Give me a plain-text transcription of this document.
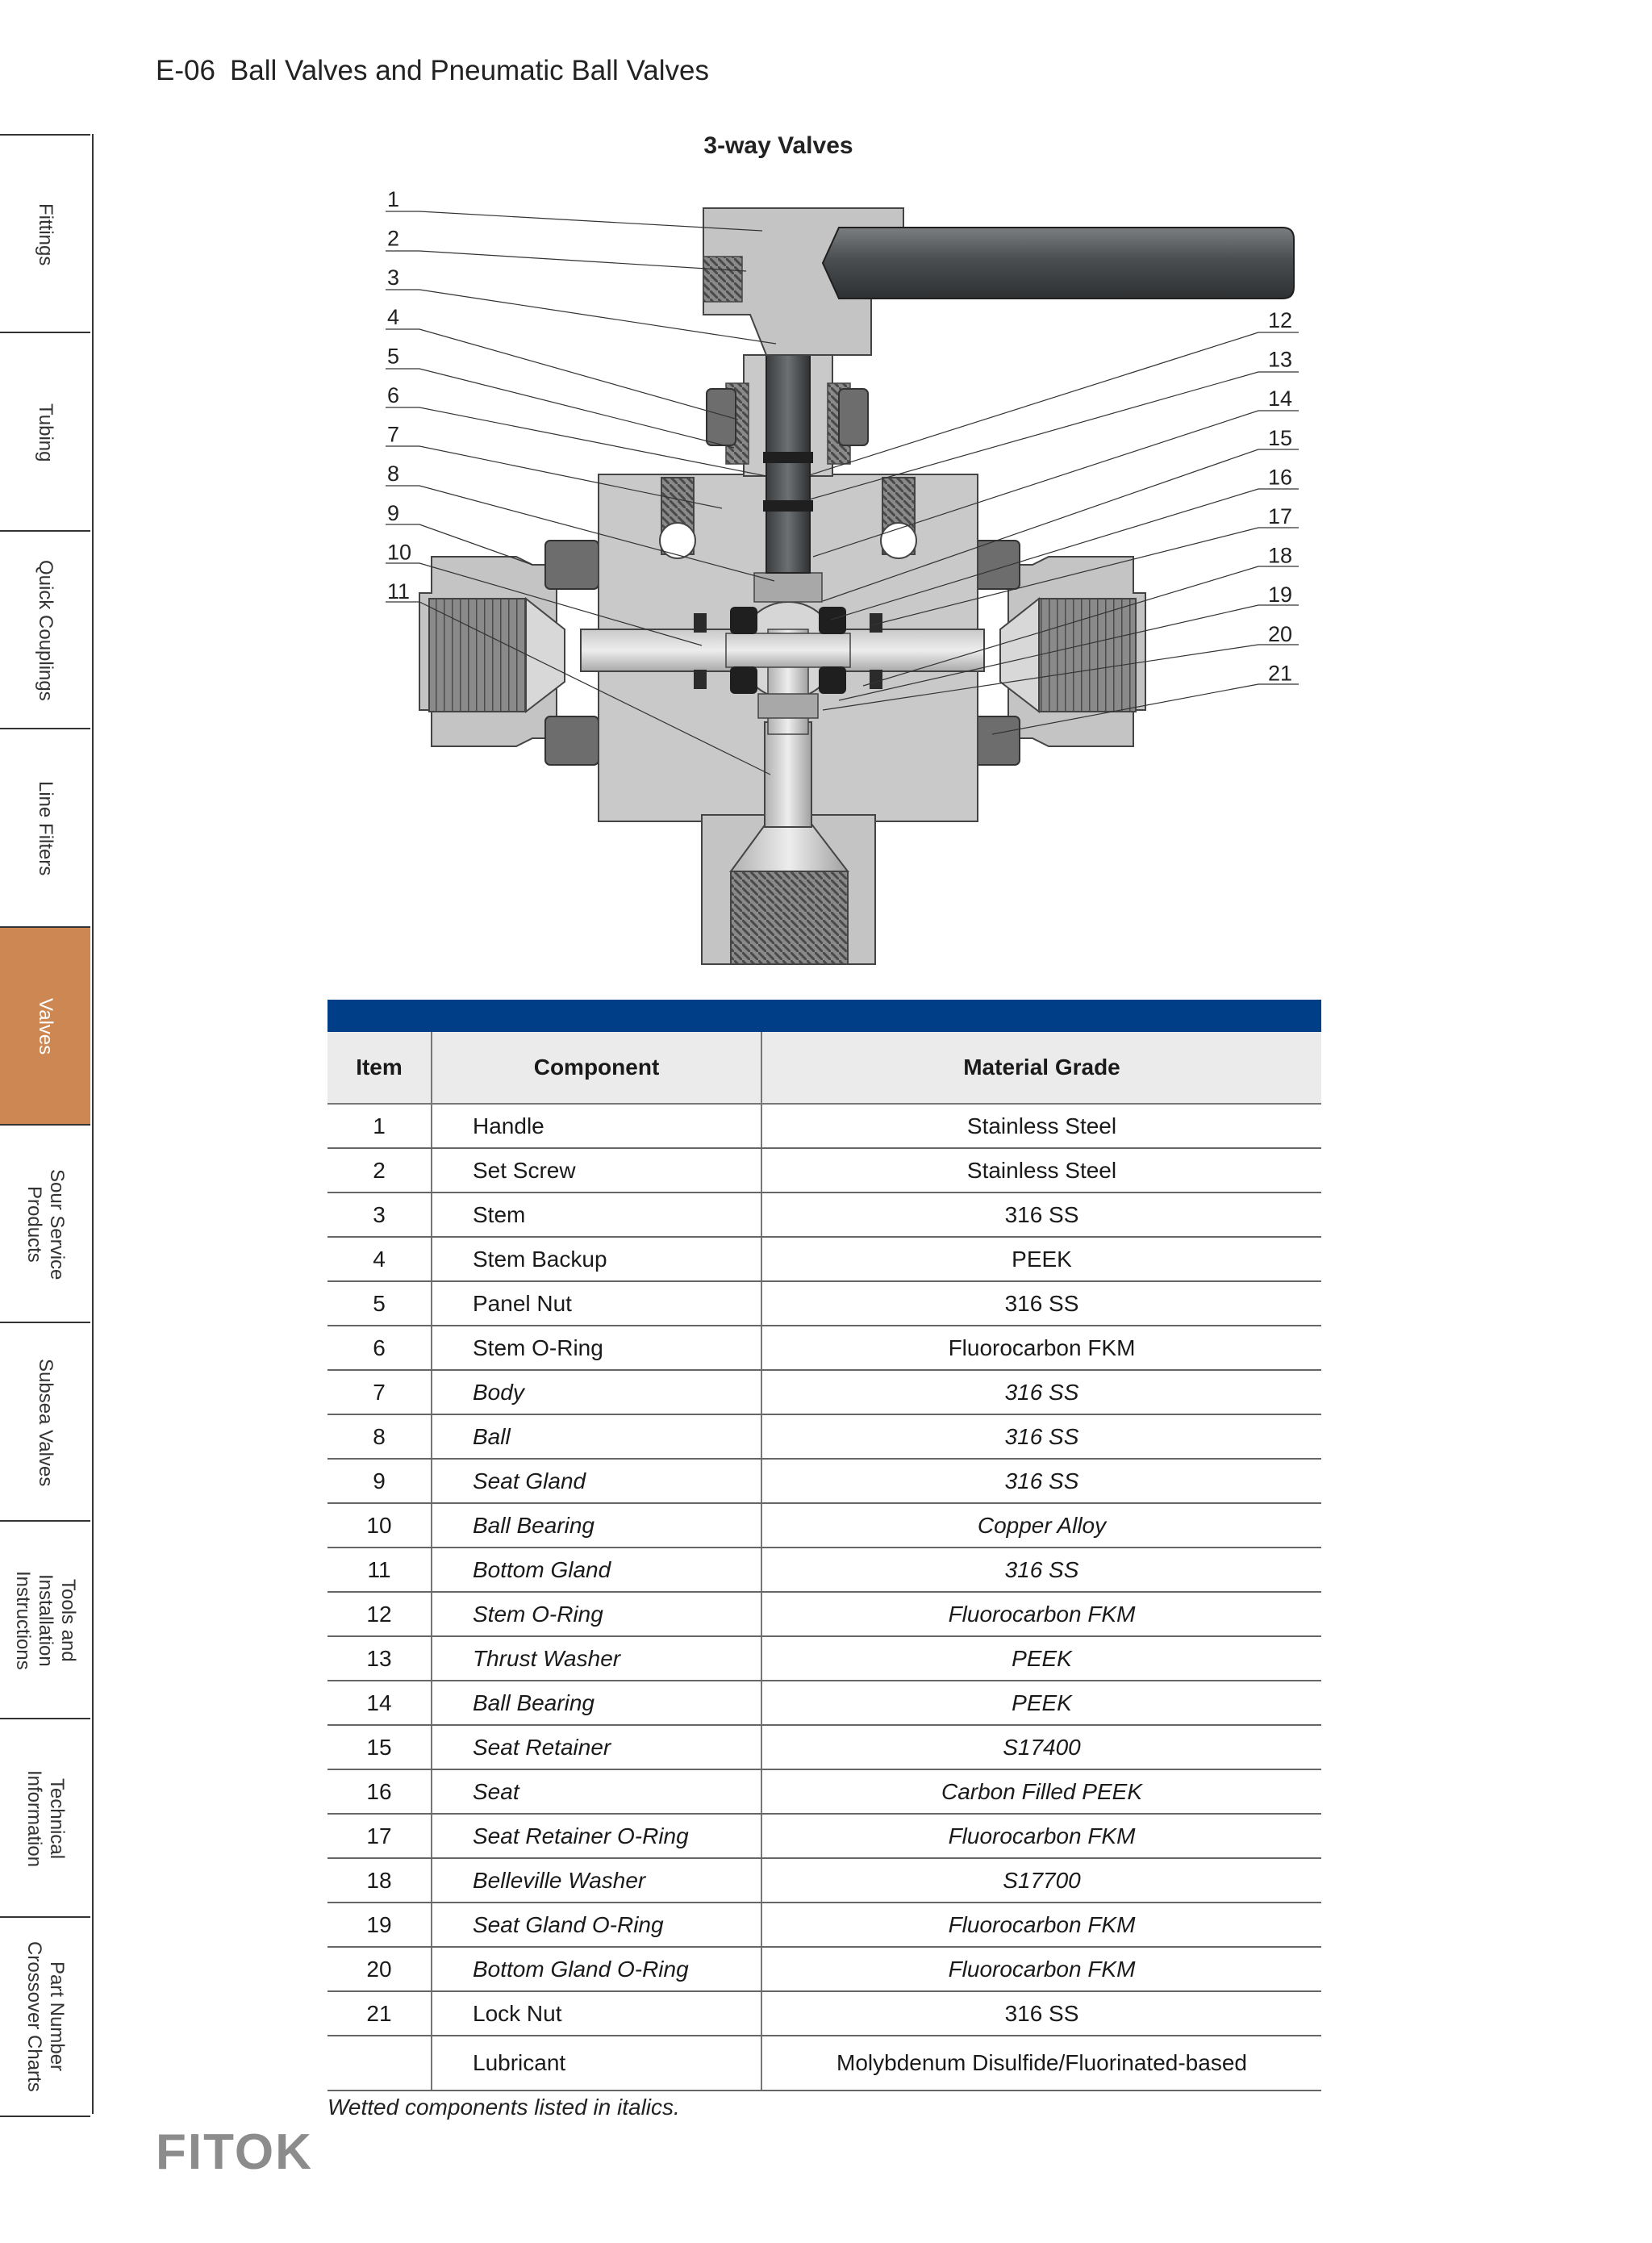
E-06 Ball Valves and Pneumatic Ball Valves
Fittings
Tubing
Quick Couplings
Line Filters
Valves
Sour Service
Products
Subsea Valves
Tools and
Installation
Instructions
Technical
Information
Part Number
Crossover Charts
3-way Valves
1
2
3
4
5
6
7
8
9
10
11
12
13
14
15
16
17
18
19
20
21
Item	Component	Material Grade
1	Handle	Stainless Steel
2	Set Screw	Stainless Steel
3	Stem	316 SS
4	Stem Backup	PEEK
5	Panel Nut	316 SS
6	Stem O-Ring	Fluorocarbon FKM
7	Body	316 SS
8	Ball	316 SS
9	Seat Gland	316 SS
10	Ball Bearing	Copper Alloy
11	Bottom Gland	316 SS
12	Stem O-Ring	Fluorocarbon FKM
13	Thrust Washer	PEEK
14	Ball Bearing	PEEK
15	Seat Retainer	S17400
16	Seat	Carbon Filled PEEK
17	Seat Retainer O-Ring	Fluorocarbon FKM
18	Belleville Washer	S17700
19	Seat Gland O-Ring	Fluorocarbon FKM
20	Bottom Gland O-Ring	Fluorocarbon FKM
21	Lock Nut	316 SS
	Lubricant	Molybdenum Disulfide/Fluorinated-based
Wetted components listed in italics.
FITOK
